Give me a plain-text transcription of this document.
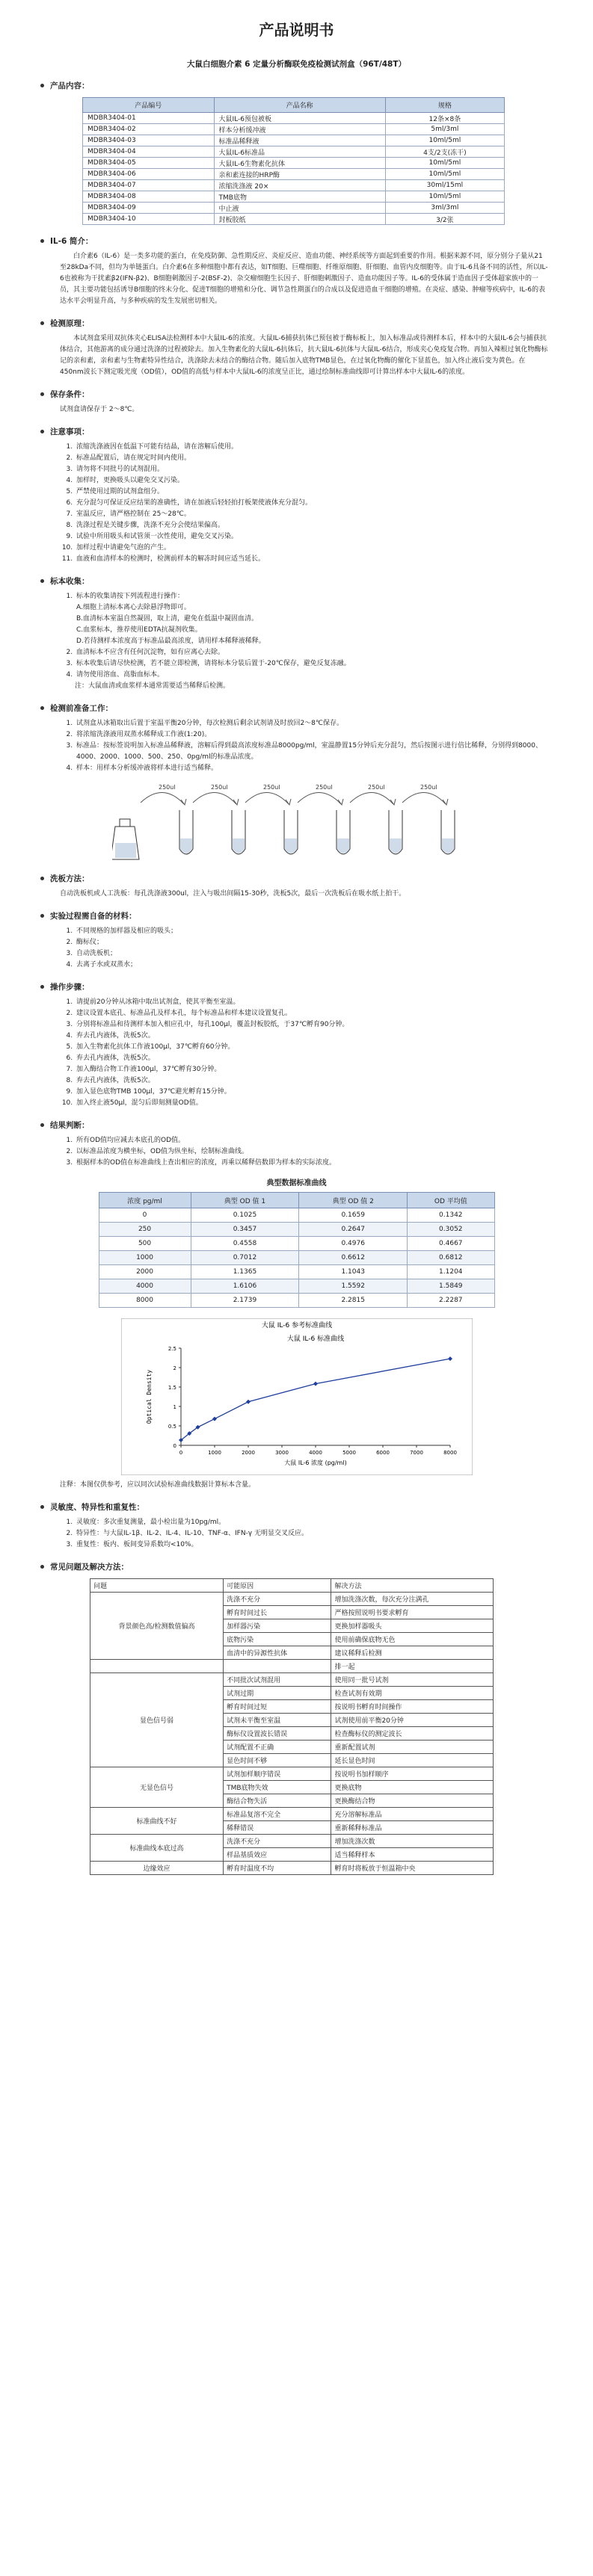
产品说明书
大鼠白细胞介素 6 定量分析酶联免疫检测试剂盒（96T/48T）
产品内容：
产品编号	产品名称	规格
MDBR3404-01	大鼠IL-6预包被板	12条×8条
MDBR3404-02	样本分析缓冲液	5ml/3ml
MDBR3404-03	标准品稀释液	10ml/5ml
MDBR3404-04	大鼠IL-6标准品	4支/2支(冻干)
MDBR3404-05	大鼠IL-6生物素化抗体	10ml/5ml
MDBR3404-06	亲和素连接的HRP酶	10ml/5ml
MDBR3404-07	浓缩洗涤液 20×	30ml/15ml
MDBR3404-08	TMB底物	10ml/5ml
MDBR3404-09	中止液	3ml/3ml
MDBR3404-10	封板胶纸	3/2张
IL-6 简介：
白介素6（IL-6）是一类多功能的蛋白，在免疫防御、急性期反应、炎症反应、造血功能、神经系统等方面起到重要的作用。根据来源不同，原分别分子量从21至28kDa不同，但均为单链蛋白。白介素6在多种细胞中都有表达，如T细胞、巨噬细胞、纤维原细胞、肝细胞、血管内皮细胞等。由于IL-6具备不同的活性，所以IL-6也被称为干扰素β2(IFN-β2)、B细胞刺激因子-2(BSF-2)、杂交瘤细胞生长因子、肝细胞刺激因子、造血功能因子等。IL-6的受体属于造血因子受体超家族中的一员，其主要功能包括诱导B细胞的终末分化、促进T细胞的增殖和分化、调节急性期蛋白的合成以及促进造血干细胞的增殖。在炎症、感染、肿瘤等疾病中，IL-6的表达水平会明显升高，与多种疾病的发生发展密切相关。
检测原理：
本试剂盒采用双抗体夹心ELISA法检测样本中大鼠IL-6的浓度。大鼠IL-6捕获抗体已预包被于酶标板上，加入标准品或待测样本后，样本中的大鼠IL-6会与捕获抗体结合，其他游离的成分通过洗涤的过程被除去。加入生物素化的大鼠IL-6抗体后，抗大鼠IL-6抗体与大鼠IL-6结合，形成夹心免疫复合物。再加入辣根过氧化物酶标记的亲和素，亲和素与生物素特异性结合，洗涤除去未结合的酶结合物。随后加入底物TMB显色，在过氧化物酶的催化下显蓝色，加入终止液后变为黄色。在450nm波长下测定吸光度（OD值），OD值的高低与样本中大鼠IL-6的浓度呈正比，通过绘制标准曲线即可计算出样本中大鼠IL-6的浓度。
保存条件：
试剂盒请保存于 2～8℃。
注意事项：
1. 浓缩洗涤液因在低温下可能有结晶，请在溶解后使用。
2. 标准品配置后，请在规定时间内使用。
3. 请勿将不同批号的试剂混用。
4. 加样时，更换吸头以避免交叉污染。
5. 严禁使用过期的试剂盒组分。
6. 充分混匀可保证反应结果的准确性，请在加液后轻轻拍打板架使液体充分混匀。
7. 室温反应，请严格控制在 25～28℃。
8. 洗涤过程是关键步骤，洗涤不充分会使结果偏高。
9. 试验中所用吸头和试管须一次性使用，避免交叉污染。
10. 加样过程中请避免气泡的产生。
11. 血液和血清样本的检测时，检测前样本的解冻时间应适当延长。
标本收集：
1. 标本的收集请按下列流程进行操作：
A.细胞上清标本离心去除悬浮物即可。
B.血清标本室温自然凝固，取上清，避免在低温中凝固血清。
C.血浆标本，推荐使用EDTA抗凝剂收集。
D.若待测样本浓度高于标准品最高浓度，请用样本稀释液稀释。
2. 血清标本不应含有任何沉淀物，如有应离心去除。
3. 标本收集后请尽快检测，若不能立即检测，请将标本分装后置于-20℃保存，避免反复冻融。
4. 请勿使用溶血、高脂血标本。
注：大鼠血清或血浆样本通常需要适当稀释后检测。
检测前准备工作：
1. 试剂盒从冰箱取出后置于室温平衡20分钟，每次检测后剩余试剂请及时放回2～8℃保存。
2. 将浓缩洗涤液用双蒸水稀释成工作液(1:20)。
3. 标准品：按标签说明加入标准品稀释液，溶解后得到最高浓度标准品8000pg/ml，室温静置15分钟后充分混匀，然后按图示进行倍比稀释，分别得到8000、4000、2000、1000、500、250、0pg/ml的标准品浓度。
4. 样本：用样本分析缓冲液将样本进行适当稀释。
250ul	250ul	250ul	250ul	250ul	250ul
洗板方法：
自动洗板机或人工洗板：每孔洗涤液300ul，注入与吸出间隔15-30秒，洗板5次，最后一次洗板后在吸水纸上拍干。
实验过程需自备的材料：
1. 不同规格的加样器及相应的吸头；
2. 酶标仪；
3. 自动洗板机；
4. 去离子水或双蒸水；
操作步骤：
1. 请提前20分钟从冰箱中取出试剂盒，使其平衡至室温。
2. 建议设置本底孔、标准品孔及样本孔，每个标准品和样本建议设置复孔。
3. 分别将标准品和待测样本加入相应孔中，每孔100μl，覆盖封板胶纸，于37℃孵育90分钟。
4. 弃去孔内液体，洗板5次。
5. 加入生物素化抗体工作液100μl，37℃孵育60分钟。
6. 弃去孔内液体，洗板5次。
7. 加入酶结合物工作液100μl，37℃孵育30分钟。
8. 弃去孔内液体，洗板5次。
9. 加入显色底物TMB 100μl，37℃避光孵育15分钟。
10. 加入终止液50μl，混匀后即刻测量OD值。
结果判断：
1. 所有OD值均应减去本底孔的OD值。
2. 以标准品浓度为横坐标，OD值为纵坐标，绘制标准曲线。
3. 根据样本的OD值在标准曲线上查出相应的浓度，再乘以稀释倍数即为样本的实际浓度。
典型数据标准曲线
浓度 pg/ml	典型 OD 值 1	典型 OD 值 2	OD 平均值
0	0.1025	0.1659	0.1342
250	0.3457	0.2647	0.3052
500	0.4558	0.4976	0.4667
1000	0.7012	0.6612	0.6812
2000	1.1365	1.1043	1.1204
4000	1.6106	1.5592	1.5849
8000	2.1739	2.2815	2.2287
大鼠 IL-6 参考标准曲线
大鼠 IL-6 标准曲线
0
0.5
1
1.5
2
2.5
0	1000	2000	3000	4000	5000	6000	7000	8000
大鼠 IL-6 浓度 (pg/ml)
Optical Density
注释：本图仅供参考，应以同次试验标准曲线数据计算标本含量。
灵敏度、特异性和重复性：
1. 灵敏度：多次重复测量，最小检出量为10pg/ml。
2. 特异性：与大鼠IL-1β、IL-2、IL-4、IL-10、TNF-α、IFN-γ 无明显交叉反应。
3. 重复性：板内、板间变异系数均<10%。
常见问题及解决方法：
问题	可能原因	解决方法
背景颜色高/检测数值偏高	洗涤不充分	增加洗涤次数，每次充分注满孔
	孵育时间过长	严格按照说明书要求孵育
	加样器污染	更换加样器吸头
	底物污染	使用前确保底物无色
	血清中的异源性抗体	建议稀释后检测
		排一起
显色信号弱	不同批次试剂混用	使用同一批号试剂
	试剂过期	检查试剂有效期
	孵育时间过短	按说明书孵育时间操作
	试剂未平衡至室温	试剂使用前平衡20分钟
	酶标仪设置波长错误	检查酶标仪的测定波长
	试剂配置不正确	重新配置试剂
	显色时间不够	延长显色时间
无显色信号	试剂加样顺序错误	按说明书加样顺序
	TMB底物失效	更换底物
	酶结合物失活	更换酶结合物
标准曲线不好	标准品复溶不完全	充分溶解标准品
	稀释错误	重新稀释标准品
标准曲线本底过高	洗涤不充分	增加洗涤次数
	样品基质效应	适当稀释样本
边缘效应	孵育时温度不均	孵育时将板放于恒温箱中央
